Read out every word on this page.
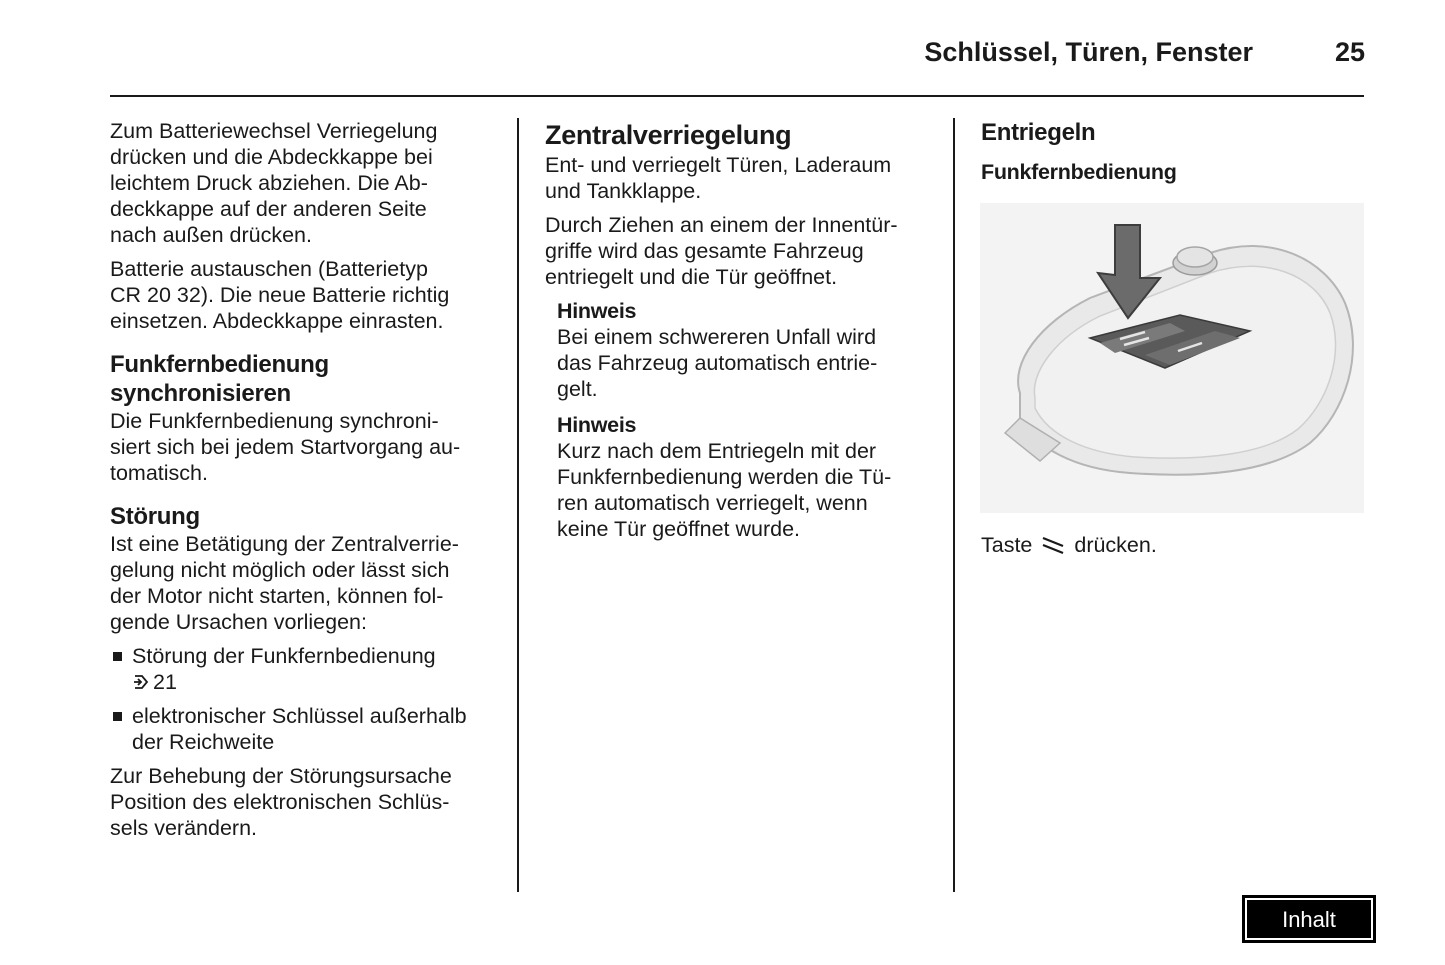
Schlüssel, Türen, Fenster	25

Zum Batteriewechsel Verriegelung
drücken und die Abdeckkappe bei
leichtem Druck abziehen. Die Ab-
deckkappe auf der anderen Seite
nach außen drücken.

Batterie austauschen (Batterietyp
CR 20 32). Die neue Batterie richtig
einsetzen. Abdeckkappe einrasten.

Funkfernbedienung
synchronisieren

Die Funkfernbedienung synchroni-
siert sich bei jedem Startvorgang au-
tomatisch.

Störung

Ist eine Betätigung der Zentralverrie-
gelung nicht möglich oder lässt sich
der Motor nicht starten, können fol-
gende Ursachen vorliegen:

Störung der Funkfernbedienung
21
elektronischer Schlüssel außerhalb
der Reichweite

Zur Behebung der Störungsursache
Position des elektronischen Schlüs-
sels verändern.

Zentralverriegelung

Ent- und verriegelt Türen, Laderaum
und Tankklappe.

Durch Ziehen an einem der Innentür-
griffe wird das gesamte Fahrzeug
entriegelt und die Tür geöffnet.

Hinweis
Bei einem schwereren Unfall wird
das Fahrzeug automatisch entrie-
gelt.
Hinweis
Kurz nach dem Entriegeln mit der
Funkfernbedienung werden die Tü-
ren automatisch verriegelt, wenn
keine Tür geöffnet wurde.
Entriegeln
Funkfernbedienung
Taste drücken.
Inhalt
